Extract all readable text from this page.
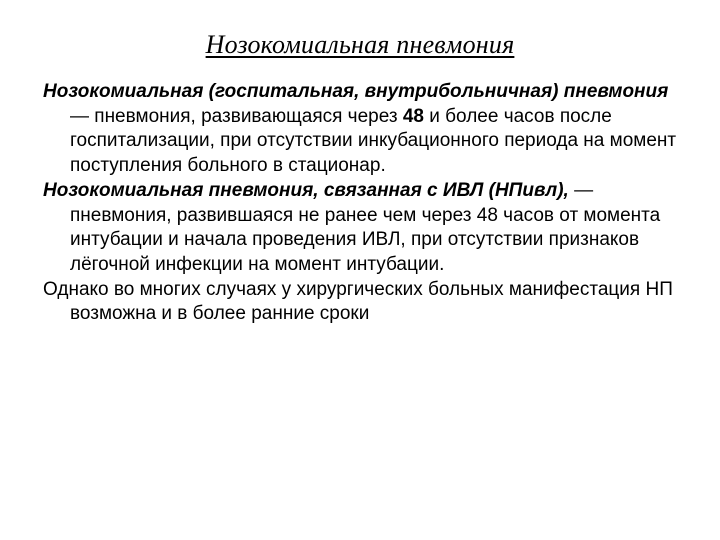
Нозокомиальная пневмония

Нозокомиальная (госпитальная, внутрибольничная) пневмония — пневмония, развивающаяся через 48 и более часов после госпитализации, при отсутствии инкубационного периода на момент поступления больного в стационар.

Нозокомиальная пневмония, связанная с ИВЛ (НПивл), — пневмония, развившаяся не ранее чем через 48 часов от момента интубации и начала проведения ИВЛ, при отсутствии признаков лёгочной инфекции на момент интубации.

Однако во многих случаях у хирургических больных манифестация НП возможна и в более ранние сроки
